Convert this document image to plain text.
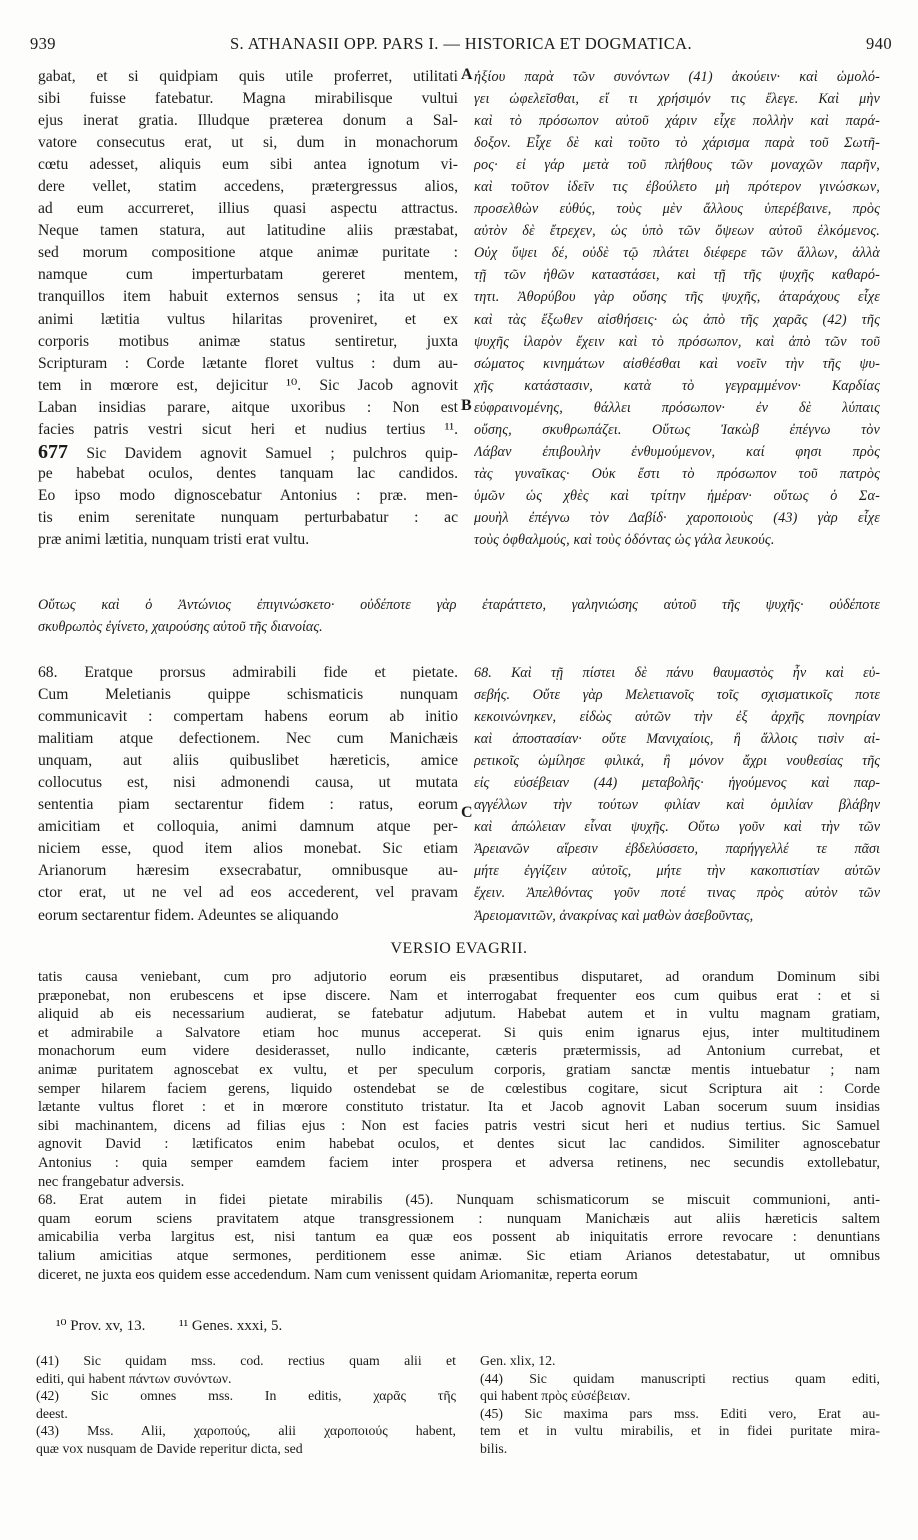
939	S. ATHANASII OPP. PARS I. — HISTORICA ET DOGMATICA.	940
gabat, et si quidpiam quis utile proferret, utilitati
sibi fuisse fatebatur. Magna mirabilisque vultui
ejus inerat gratia. Illudque præterea donum a Sal-
vatore consecutus erat, ut si, dum in monachorum
cœtu adesset, aliquis eum sibi antea ignotum vi-
dere vellet, statim accedens, prætergressus alios,
ad eum accurreret, illius quasi aspectu attractus.
Neque tamen statura, aut latitudine aliis præstabat,
sed morum compositione atque animæ puritate :
namque cum imperturbatam gereret mentem,
tranquillos item habuit externos sensus ; ita ut ex
animi lætitia vultus hilaritas proveniret, et ex
corporis motibus animæ status sentiretur, juxta
Scripturam : Corde lætante floret vultus : dum au-
tem in mœrore est, dejicitur ¹⁰. Sic Jacob agnovit
Laban insidias parare, aitque uxoribus : Non est
facies patris vestri sicut heri et nudius tertius ¹¹.
677 Sic Davidem agnovit Samuel ; pulchros quip-
pe habebat oculos, dentes tanquam lac candidos.
Eo ipso modo dignoscebatur Antonius : præ. men-
tis enim serenitate nunquam perturbabatur : ac
præ animi lætitia, nunquam tristi erat vultu.
ἠξίου παρὰ τῶν συνόντων (41) ἀκούειν· καὶ ὡμολό-
γει ὠφελεῖσθαι, εἴ τι χρήσιμόν τις ἔλεγε. Καὶ μὴν
καὶ τὸ πρόσωπον αὐτοῦ χάριν εἶχε πολλὴν καὶ παρά-
δοξον. Εἶχε δὲ καὶ τοῦτο τὸ χάρισμα παρὰ τοῦ Σωτῆ-
ρος· εἰ γάρ μετὰ τοῦ πλήθους τῶν μοναχῶν παρῆν,
καὶ τοῦτον ἰδεῖν τις ἐβούλετο μὴ πρότερον γινώσκων,
προσελθὼν εὐθύς, τοὺς μὲν ἄλλους ὑπερέβαινε, πρὸς
αὐτὸν δὲ ἔτρεχεν, ὡς ὑπὸ τῶν ὄψεων αὐτοῦ ἑλκόμενος.
Οὐχ ὕψει δέ, οὐδὲ τῷ πλάτει διέφερε τῶν ἄλλων, ἀλλὰ
τῇ τῶν ἠθῶν καταστάσει, καὶ τῇ τῆς ψυχῆς καθαρό-
τητι. Ἀθορύβου γὰρ οὔσης τῆς ψυχῆς, ἀταράχους εἶχε
καὶ τὰς ἔξωθεν αἰσθήσεις· ὡς ἀπὸ τῆς χαρᾶς (42) τῆς
ψυχῆς ἱλαρὸν ἔχειν καὶ τὸ πρόσωπον, καὶ ἀπὸ τῶν τοῦ
σώματος κινημάτων αἰσθέσθαι καὶ νοεῖν τὴν τῆς ψυ-
χῆς κατάστασιν, κατὰ τὸ γεγραμμένον· Καρδίας
εὐφραινομένης, θάλλει πρόσωπον· ἐν δὲ λύπαις
οὔσης, σκυθρωπάζει. Οὕτως Ἰακὼβ ἐπέγνω τὸν
Λάβαν ἐπιβουλὴν ἐνθυμούμενον, καί φησι πρὸς
τὰς γυναῖκας· Οὐκ ἔστι τὸ πρόσωπον τοῦ πατρὸς
ὑμῶν ὡς χθὲς καὶ τρίτην ἡμέραν· οὕτως ὁ Σα-
μουὴλ ἐπέγνω τὸν Δαβίδ· χαροποιοὺς (43) γὰρ εἶχε
τοὺς ὀφθαλμούς, καὶ τοὺς ὀδόντας ὡς γάλα λευκούς.
A
B
C
Οὕτως καὶ ὁ Ἀντώνιος ἐπιγινώσκετο· οὐδέποτε γὰρ ἐταράττετο, γαληνιώσης αὐτοῦ τῆς ψυχῆς· οὐδέποτε
σκυθρωπὸς ἐγίνετο, χαιρούσης αὐτοῦ τῆς διανοίας.
68. Eratque prorsus admirabili fide et pietate.
Cum Meletianis quippe schismaticis nunquam
communicavit : compertam habens eorum ab initio
malitiam atque defectionem. Nec cum Manichæis
unquam, aut aliis quibuslibet hæreticis, amice
collocutus est, nisi admonendi causa, ut mutata
sententia piam sectarentur fidem : ratus, eorum
amicitiam et colloquia, animi damnum atque per-
niciem esse, quod item alios monebat. Sic etiam
Arianorum hæresim exsecrabatur, omnibusque au-
ctor erat, ut ne vel ad eos accederent, vel pravam
eorum sectarentur fidem. Adeuntes se aliquando
68. Καὶ τῇ πίστει δὲ πάνυ θαυμαστὸς ἦν καὶ εὐ-
σεβής. Οὔτε γὰρ Μελετιανοῖς τοῖς σχισματικοῖς ποτε
κεκοινώνηκεν, εἰδὼς αὐτῶν τὴν ἐξ ἀρχῆς πονηρίαν
καὶ ἀποστασίαν· οὔτε Μανιχαίοις, ἢ ἄλλοις τισὶν αἱ-
ρετικοῖς ὡμίλησε φιλικά, ἢ μόνον ἄχρι νουθεσίας τῆς
εἰς εὐσέβειαν (44) μεταβολῆς· ἡγούμενος καὶ παρ-
αγγέλλων τὴν τούτων φιλίαν καὶ ὁμιλίαν βλάβην
καὶ ἀπώλειαν εἶναι ψυχῆς. Οὕτω γοῦν καὶ τὴν τῶν
Ἀρειανῶν αἵρεσιν ἐβδελύσσετο, παρήγγελλέ τε πᾶσι
μήτε ἐγγίζειν αὐτοῖς, μήτε τὴν κακοπιστίαν αὐτῶν
ἔχειν. Ἀπελθόντας γοῦν ποτέ τινας πρὸς αὐτὸν τῶν
Ἀρειομανιτῶν, ἀνακρίνας καὶ μαθὼν ἀσεβοῦντας,
VERSIO EVAGRII.
tatis causa veniebant, cum pro adjutorio eorum eis præsentibus disputaret, ad orandum Dominum sibi
præponebat, non erubescens et ipse discere. Nam et interrogabat frequenter eos cum quibus erat : et si
aliquid ab eis necessarium audierat, se fatebatur adjutum. Habebat autem et in vultu magnam gratiam,
et admirabile a Salvatore etiam hoc munus acceperat. Si quis enim ignarus ejus, inter multitudinem
monachorum eum videre desiderasset, nullo indicante, cæteris prætermissis, ad Antonium currebat, et
animæ puritatem agnoscebat ex vultu, et per speculum corporis, gratiam sanctæ mentis intuebatur ; nam
semper hilarem faciem gerens, liquido ostendebat se de cœlestibus cogitare, sicut Scriptura ait : Corde
lætante vultus floret : et in mœrore constituto tristatur. Ita et Jacob agnovit Laban socerum suum insidias
sibi machinantem, dicens ad filias ejus : Non est facies patris vestri sicut heri et nudius tertius. Sic Samuel
agnovit David : lætificatos enim habebat oculos, et dentes sicut lac candidos. Similiter agnoscebatur
Antonius : quia semper eamdem faciem inter prospera et adversa retinens, nec secundis extollebatur,
nec frangebatur adversis.
68. Erat autem in fidei pietate mirabilis (45). Nunquam schismaticorum se miscuit communioni, anti-
quam eorum sciens pravitatem atque transgressionem : nunquam Manichæis aut aliis hæreticis saltem
amicabilia verba largitus est, nisi tantum ea quæ eos possent ab iniquitatis errore revocare : denuntians
talium amicitias atque sermones, perditionem esse animæ. Sic etiam Arianos detestabatur, ut omnibus
diceret, ne juxta eos quidem esse accedendum. Nam cum venissent quidam Ariomanitæ, reperta eorum
¹⁰ Prov. xv, 13. ¹¹ Genes. xxxi, 5.
(41) Sic quidam mss. cod. rectius quam alii et
editi, qui habent πάντων συνόντων.
(42) Sic omnes mss. In editis, χαρᾶς τῆς
deest.
(43) Mss. Alii, χαροπούς, alii χαροποιούς habent,
quæ vox nusquam de Davide reperitur dicta, sed
Gen. xlix, 12.
(44) Sic quidam manuscripti rectius quam editi,
qui habent πρὸς εὐσέβειαν.
(45) Sic maxima pars mss. Editi vero, Erat au-
tem et in vultu mirabilis, et in fidei puritate mira-
bilis.
